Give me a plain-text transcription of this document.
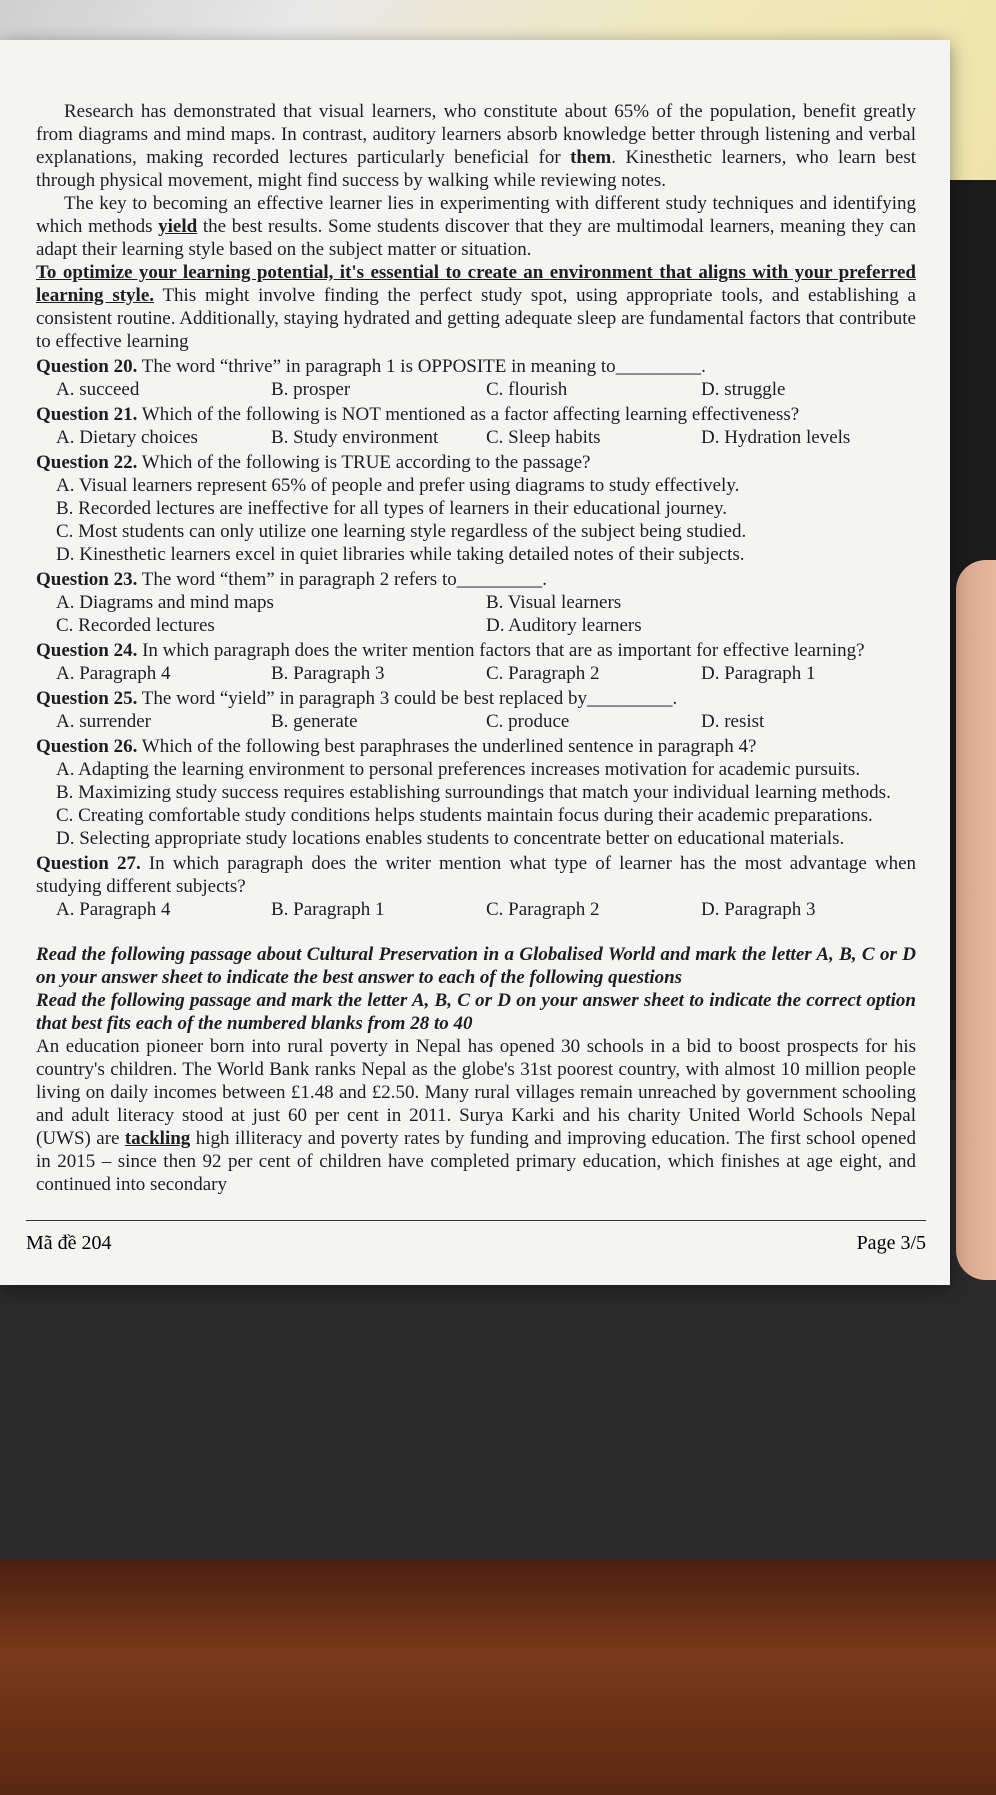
Research has demonstrated that visual learners, who constitute about 65% of the population, benefit greatly from diagrams and mind maps. In contrast, auditory learners absorb knowledge better through listening and verbal explanations, making recorded lectures particularly beneficial for them. Kinesthetic learners, who learn best through physical movement, might find success by walking while reviewing notes.

The key to becoming an effective learner lies in experimenting with different study techniques and identifying which methods yield the best results. Some students discover that they are multimodal learners, meaning they can adapt their learning style based on the subject matter or situation.

To optimize your learning potential, it's essential to create an environment that aligns with your preferred learning style. This might involve finding the perfect study spot, using appropriate tools, and establishing a consistent routine. Additionally, staying hydrated and getting adequate sleep are fundamental factors that contribute to effective learning

Question 20. The word “thrive” in paragraph 1 is OPPOSITE in meaning to_________.

A. succeed	B. prosper	C. flourish	D. struggle

Question 21. Which of the following is NOT mentioned as a factor affecting learning effectiveness?

A. Dietary choices	B. Study environment	C. Sleep habits	D. Hydration levels

Question 22. Which of the following is TRUE according to the passage?

A. Visual learners represent 65% of people and prefer using diagrams to study effectively.
B. Recorded lectures are ineffective for all types of learners in their educational journey.
C. Most students can only utilize one learning style regardless of the subject being studied.
D. Kinesthetic learners excel in quiet libraries while taking detailed notes of their subjects.

Question 23. The word “them” in paragraph 2 refers to_________.

A. Diagrams and mind maps	B. Visual learners
C. Recorded lectures	D. Auditory learners

Question 24. In which paragraph does the writer mention factors that are as important for effective learning?

A. Paragraph 4	B. Paragraph 3	C. Paragraph 2	D. Paragraph 1

Question 25. The word “yield” in paragraph 3 could be best replaced by_________.

A. surrender	B. generate	C. produce	D. resist

Question 26. Which of the following best paraphrases the underlined sentence in paragraph 4?

A. Adapting the learning environment to personal preferences increases motivation for academic pursuits.
B. Maximizing study success requires establishing surroundings that match your individual learning methods.
C. Creating comfortable study conditions helps students maintain focus during their academic preparations.
D. Selecting appropriate study locations enables students to concentrate better on educational materials.

Question 27. In which paragraph does the writer mention what type of learner has the most advantage when studying different subjects?

A. Paragraph 4	B. Paragraph 1	C. Paragraph 2	D. Paragraph 3

Read the following passage about Cultural Preservation in a Globalised World and mark the letter A, B, C or D on your answer sheet to indicate the best answer to each of the following questions

Read the following passage and mark the letter A, B, C or D on your answer sheet to indicate the correct option that best fits each of the numbered blanks from 28 to 40

An education pioneer born into rural poverty in Nepal has opened 30 schools in a bid to boost prospects for his country's children. The World Bank ranks Nepal as the globe's 31st poorest country, with almost 10 million people living on daily incomes between £1.48 and £2.50. Many rural villages remain unreached by government schooling and adult literacy stood at just 60 per cent in 2011. Surya Karki and his charity United World Schools Nepal (UWS) are tackling high illiteracy and poverty rates by funding and improving education. The first school opened in 2015 – since then 92 per cent of children have completed primary education, which finishes at age eight, and continued into secondary

Mã đề 204	Page 3/5
